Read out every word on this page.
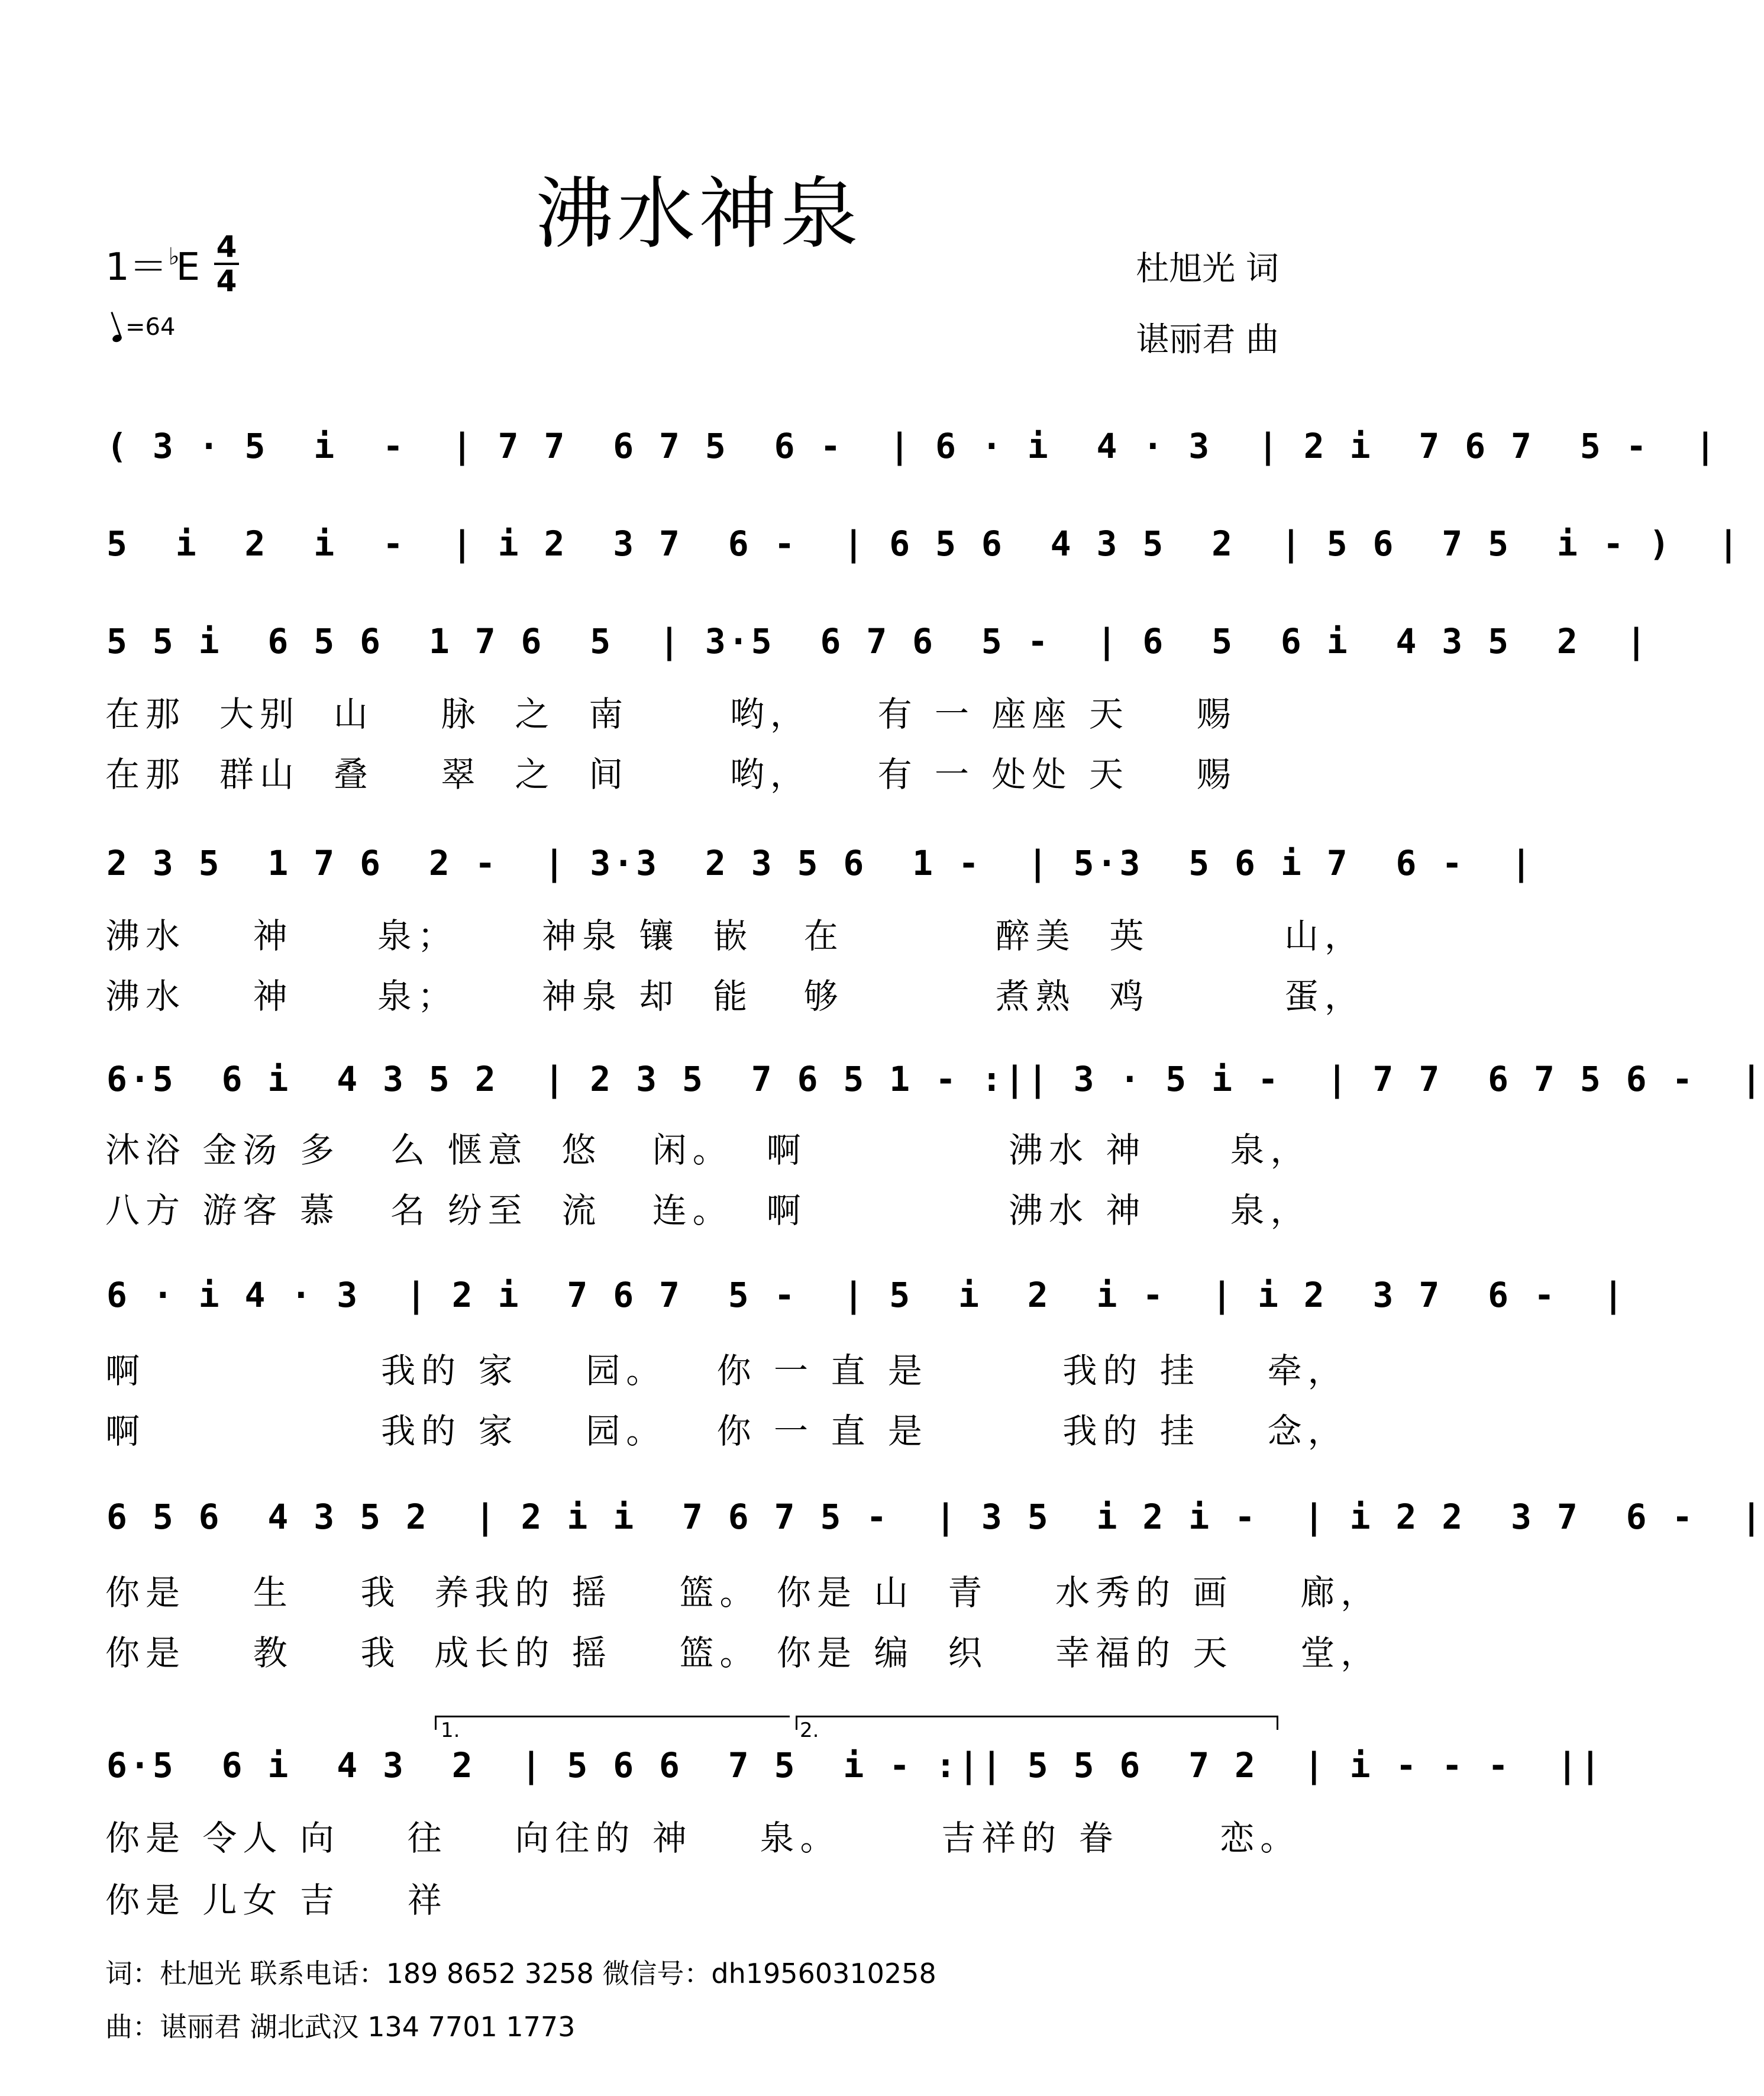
沸水神泉
1＝♭E 4
4
=64
杜旭光 词
谌丽君 曲
( 3 · 5  i  -  | 7 7  6 7 5  6 -  | 6 · i  4 · 3  | 2 i  7 6 7  5 -  |
5  i  2  i  -  | i 2  3 7  6 -  | 6 5 6  4 3 5  2  | 5 6  7 5  i - )  |
5 5 i  6 5 6  1 7 6  5  | 3·5  6 7 6  5 -  | 6  5  6 i  4 3 5  2  |
在那  大别  山    脉  之  南      哟，    有 一 座座 天    赐
在那  群山  叠    翠  之  间      哟，    有 一 处处 天    赐
2 3 5  1 7 6  2 -  | 3·3  2 3 5 6  1 -  | 5·3  5 6 i 7  6 -  |
沸水    神     泉；     神泉 镶  嵌   在         醉美  英        山，
沸水    神     泉；     神泉 却  能   够         煮熟  鸡        蛋，
6·5  6 i  4 3 5 2  | 2 3 5  7 6 5 1 - :|| 3 · 5 i -  | 7 7  6 7 5 6 -  |
沐浴 金汤 多   么 惬意  悠   闲。  啊            沸水 神     泉，
八方 游客 慕   名 纷至  流   连。  啊            沸水 神     泉，
6 · i 4 · 3  | 2 i  7 6 7  5 -  | 5  i  2  i -  | i 2  3 7  6 -  |
啊              我的 家    园。   你 一 直 是        我的 挂    牵，
啊              我的 家    园。   你 一 直 是        我的 挂    念，
6 5 6  4 3 5 2  | 2 i i  7 6 7 5 -  | 3 5  i 2 i -  | i 2 2  3 7  6 -  |
你是    生    我  养我的 摇    篮。 你是 山  青    水秀的 画    廊，
你是    教    我  成长的 摇    篮。 你是 编  织    幸福的 天    堂，
1.	2.
6·5  6 i  4 3  2  | 5 6 6  7 5  i - :|| 5 5 6  7 2  | i - - -  ||
你是 令人 向    往    向往的 神    泉。      吉祥的 眷      恋。
你是 儿女 吉    祥
词：杜旭光 联系电话：189 8652 3258 微信号：dh19560310258
曲：谌丽君 湖北武汉 134 7701 1773
